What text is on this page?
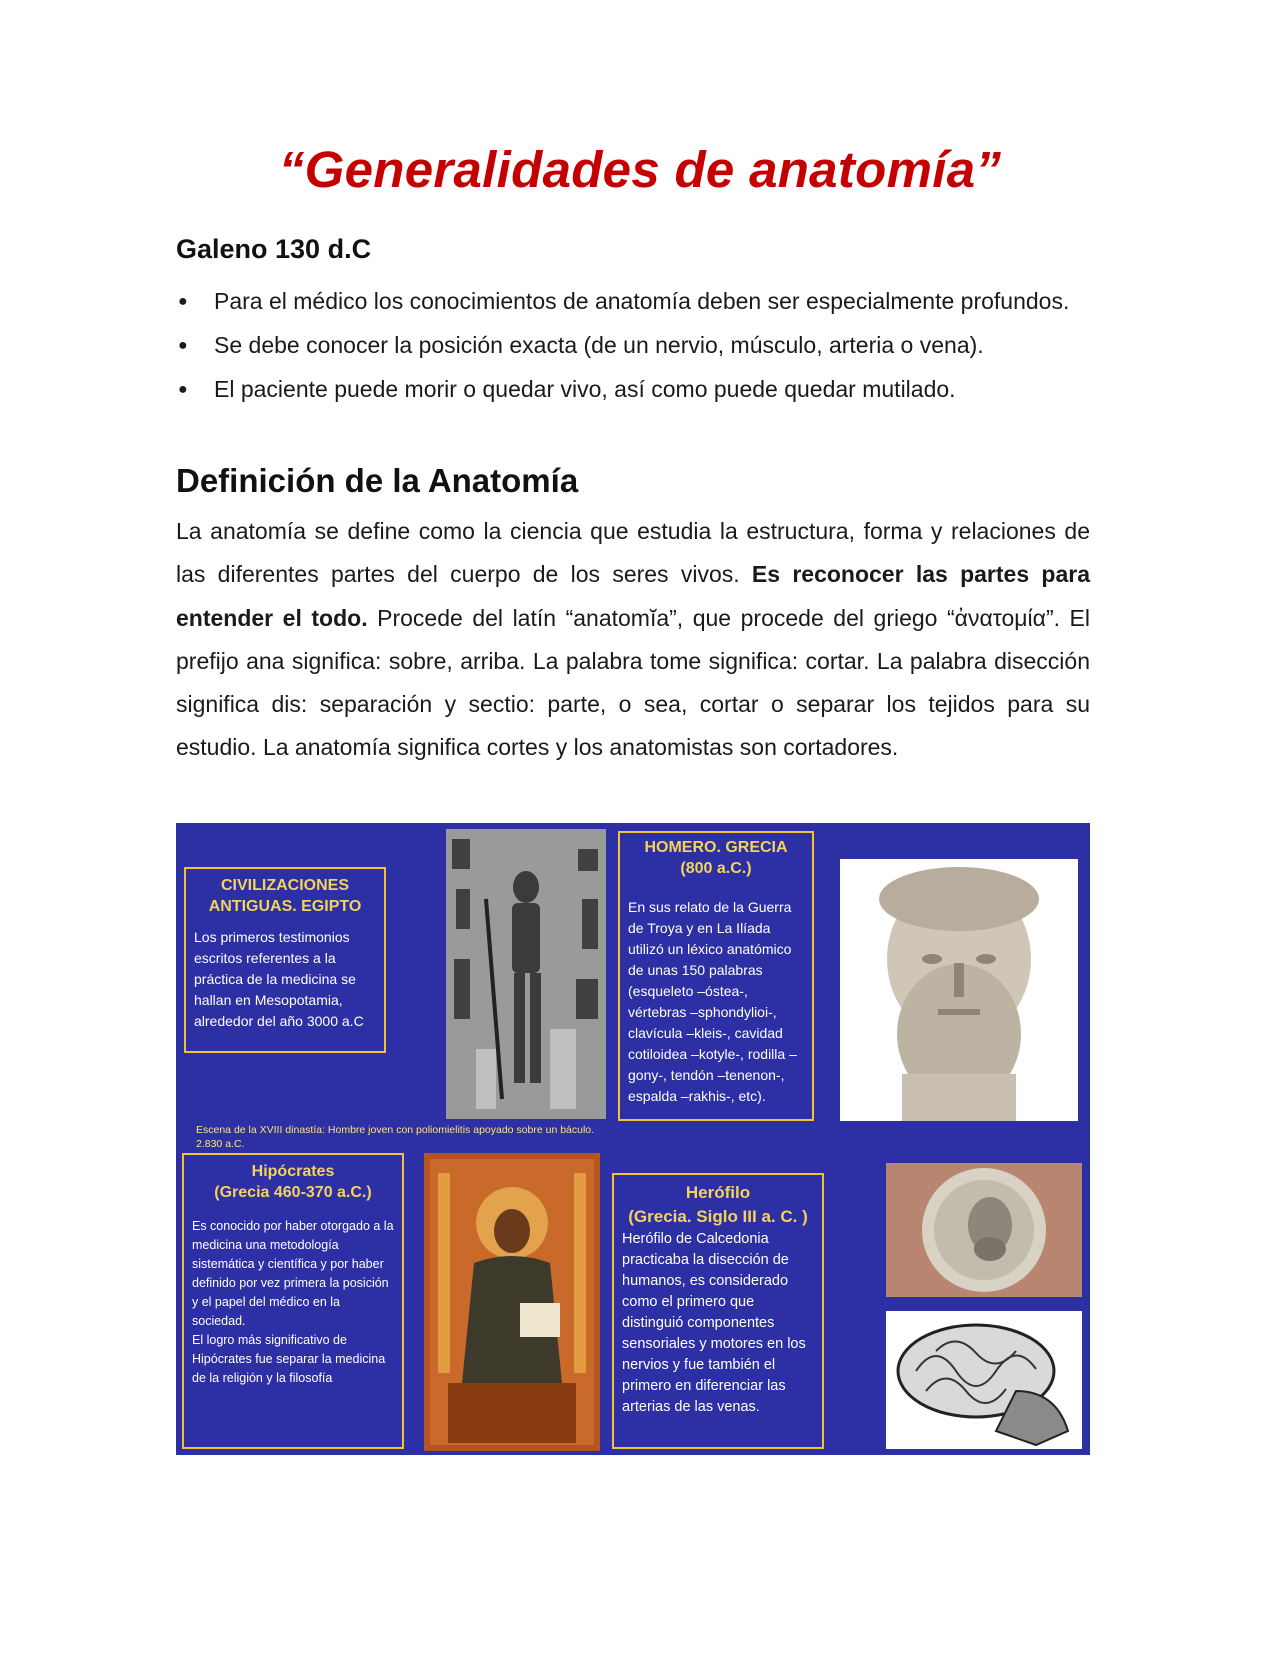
“Generalidades de anatomía”
Galeno 130 d.C
● Para el médico los conocimientos de anatomía deben ser especialmente profundos.
● Se debe conocer la posición exacta (de un nervio, músculo, arteria o vena).
● El paciente puede morir o quedar vivo, así como puede quedar mutilado.
Definición de la Anatomía

La anatomía se define como la ciencia que estudia la estructura, forma y relaciones de las diferentes partes del cuerpo de los seres vivos. Es reconocer las partes para entender el todo. Procede del latín “anatomĭa”, que procede del griego “ἀνατομία”. El prefijo ana significa: sobre, arriba. La palabra tome significa: cortar. La palabra disección significa dis: separación y sectio: parte, o sea, cortar o separar los tejidos para su estudio. La anatomía significa cortes y los anatomistas son cortadores.

CIVILIZACIONES ANTIGUAS. EGIPTO
Los primeros testimonios escritos referentes a la práctica de la medicina se hallan en Mesopotamia, alrededor del año 3000 a.C
HOMERO. GRECIA
(800 a.C.)
En sus relato de la Guerra de Troya y en La Ilíada utilizó un léxico anatómico de unas 150 palabras (esqueleto –óstea-, vértebras –sphondylioi-, clavícula –kleis-, cavidad cotiloidea –kotyle-, rodilla –gony-, tendón –tenenon-, espalda –rakhis-, etc).
Escena de la XVIII dinastía: Hombre joven con poliomielitis apoyado sobre un báculo. 2.830 a.C.
Hipócrates
(Grecia 460-370 a.C.)
Es conocido por haber otorgado a la medicina una metodología sistemática y científica y por haber definido por vez primera la posición y el papel del médico en la sociedad.
El logro más significativo de Hipócrates fue separar la medicina de la religión y la filosofía
Herófilo
(Grecia. Siglo III a. C. )
Herófilo de Calcedonia practicaba la disección de humanos, es considerado como el primero que distinguió componentes sensoriales y motores en los nervios y fue también el primero en diferenciar las arterias de las venas.
